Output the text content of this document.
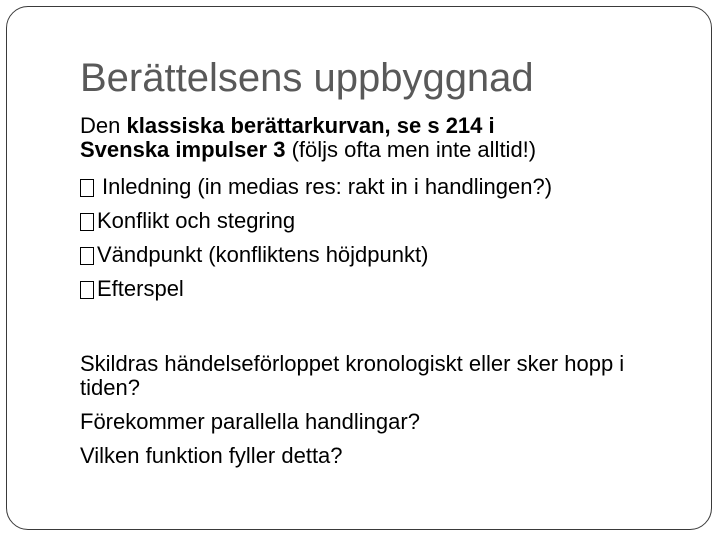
Berättelsens uppbyggnad
Den klassiska berättarkurvan, se s 214 i
Svenska impulser 3 (följs ofta men inte alltid!)
Inledning (in medias res: rakt in i handlingen?)
Konflikt och stegring
Vändpunkt (konfliktens höjdpunkt)
Efterspel

Skildras händelseförloppet kronologiskt eller sker hopp i tiden?

Förekommer parallella handlingar?

Vilken funktion fyller detta?
